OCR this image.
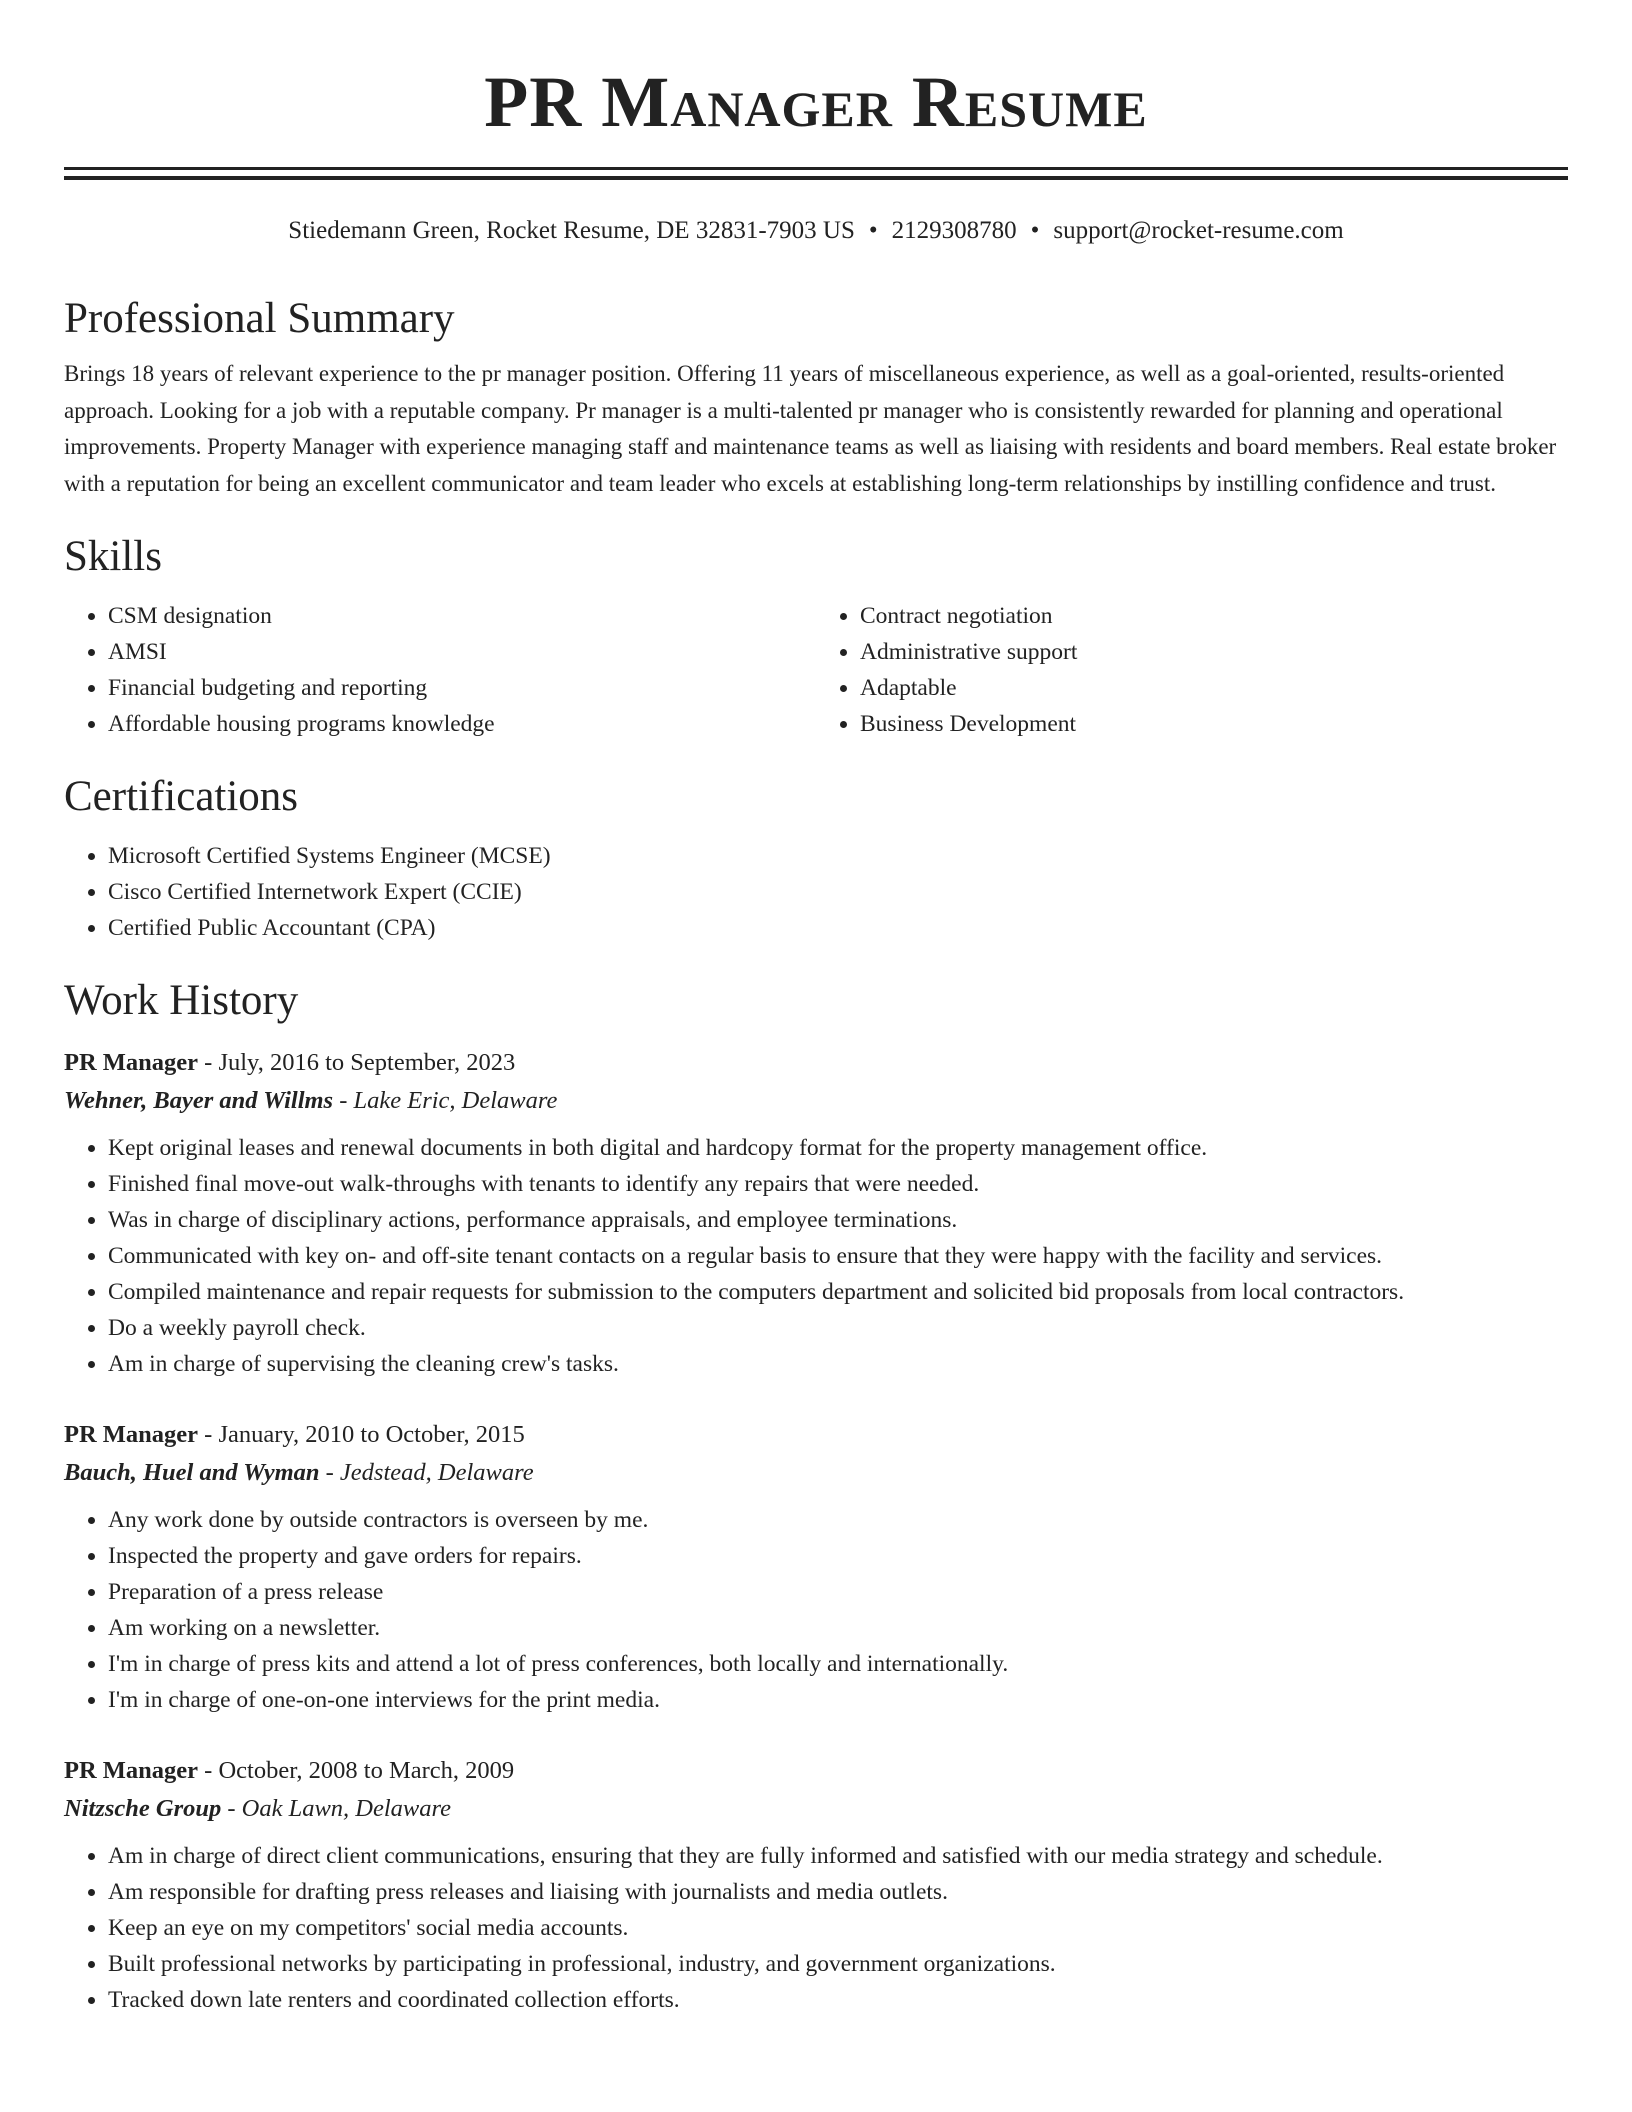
PR Manager Resume
Stiedemann Green, Rocket Resume, DE 32831-7903 US • 2129308780 • support@rocket-resume.com
Professional Summary

Brings 18 years of relevant experience to the pr manager position. Offering 11 years of miscellaneous experience, as well as a goal-oriented, results-oriented approach. Looking for a job with a reputable company. Pr manager is a multi-talented pr manager who is consistently rewarded for planning and operational improvements. Property Manager with experience managing staff and maintenance teams as well as liaising with residents and board members. Real estate broker with a reputation for being an excellent communicator and team leader who excels at establishing long-term relationships by instilling confidence and trust.

Skills
• CSM designation
• AMSI
• Financial budgeting and reporting
• Affordable housing programs knowledge
• Contract negotiation
• Administrative support
• Adaptable
• Business Development
Certifications
• Microsoft Certified Systems Engineer (MCSE)
• Cisco Certified Internetwork Expert (CCIE)
• Certified Public Accountant (CPA)
Work History
PR Manager - July, 2016 to September, 2023
Wehner, Bayer and Willms - Lake Eric, Delaware
• Kept original leases and renewal documents in both digital and hardcopy format for the property management office.
• Finished final move-out walk-throughs with tenants to identify any repairs that were needed.
• Was in charge of disciplinary actions, performance appraisals, and employee terminations.
• Communicated with key on- and off-site tenant contacts on a regular basis to ensure that they were happy with the facility and services.
• Compiled maintenance and repair requests for submission to the computers department and solicited bid proposals from local contractors.
• Do a weekly payroll check.
• Am in charge of supervising the cleaning crew's tasks.
PR Manager - January, 2010 to October, 2015
Bauch, Huel and Wyman - Jedstead, Delaware
• Any work done by outside contractors is overseen by me.
• Inspected the property and gave orders for repairs.
• Preparation of a press release
• Am working on a newsletter.
• I'm in charge of press kits and attend a lot of press conferences, both locally and internationally.
• I'm in charge of one-on-one interviews for the print media.
PR Manager - October, 2008 to March, 2009
Nitzsche Group - Oak Lawn, Delaware
• Am in charge of direct client communications, ensuring that they are fully informed and satisfied with our media strategy and schedule.
• Am responsible for drafting press releases and liaising with journalists and media outlets.
• Keep an eye on my competitors' social media accounts.
• Built professional networks by participating in professional, industry, and government organizations.
• Tracked down late renters and coordinated collection efforts.
